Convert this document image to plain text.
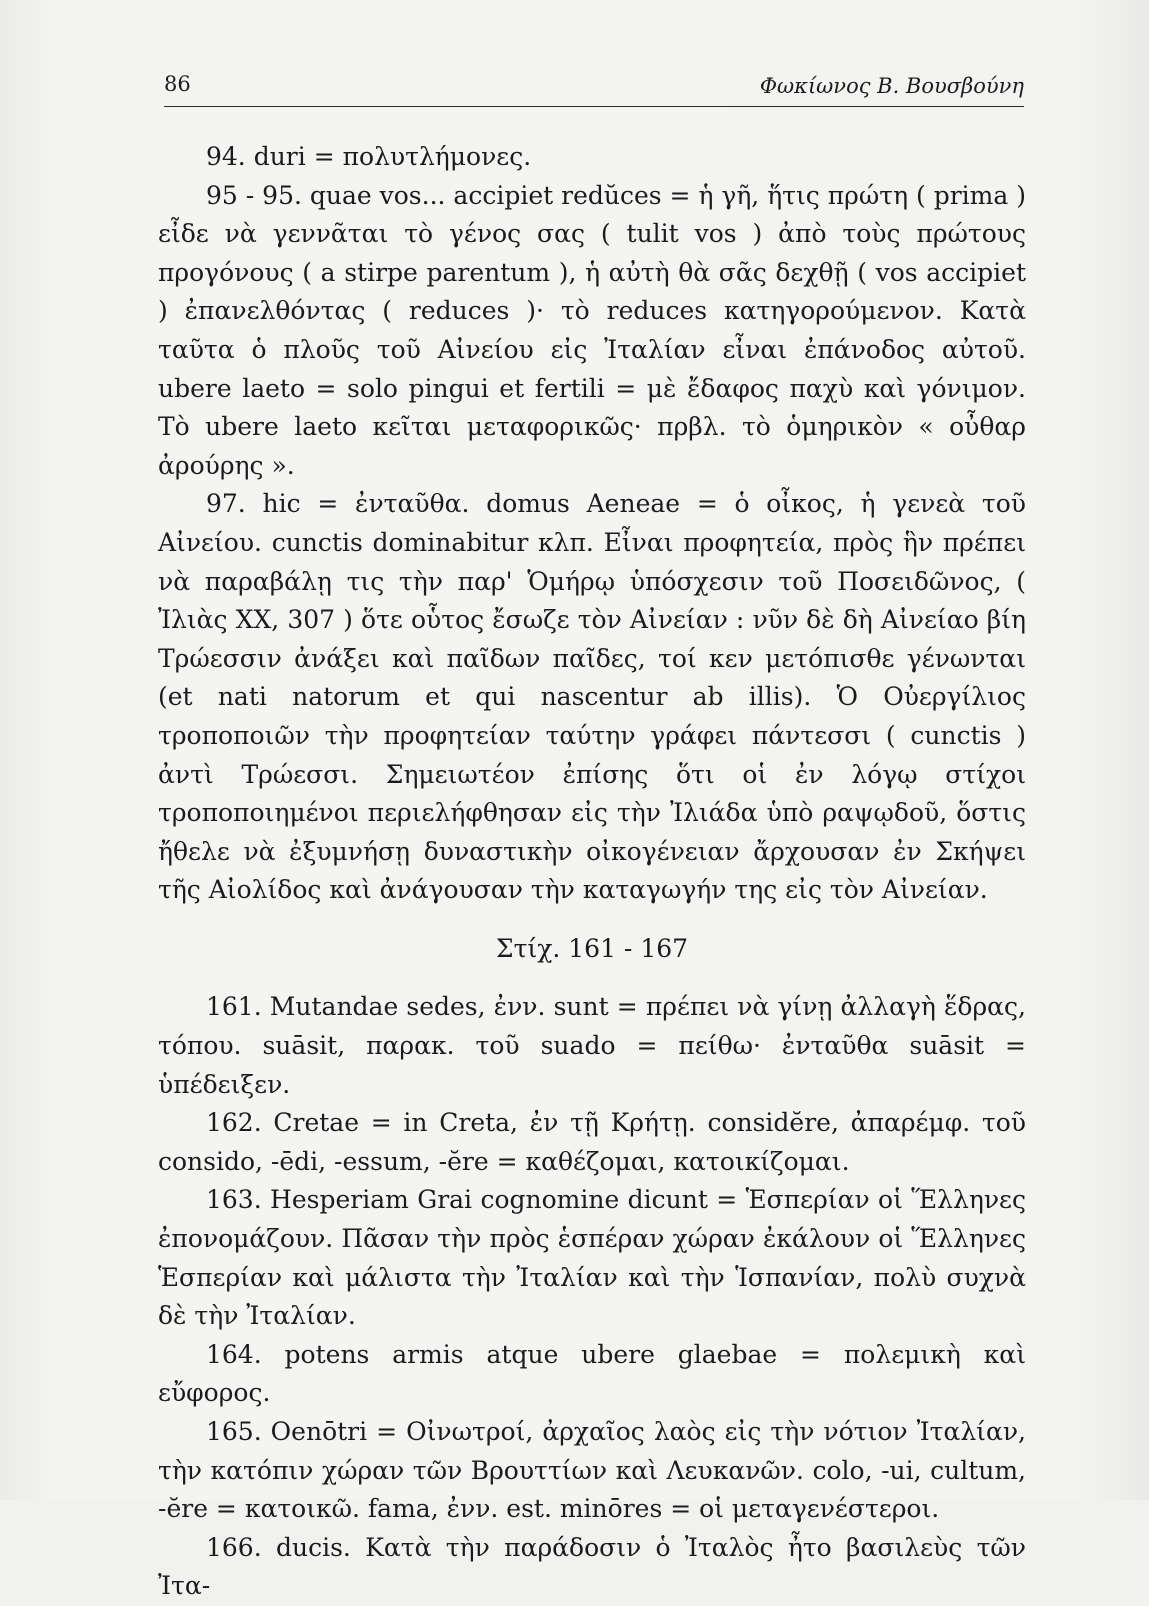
86	Φωκίωνος Β. Βουσβούνη

94. duri = πολυτλήμονες.

95 - 95. quae vos... accipiet redŭces = ἡ γῆ, ἥτις πρώτη ( prima ) εἶδε νὰ γεννᾶται τὸ γένος σας ( tulit vos ) ἀπὸ τοὺς πρώτους προγόνους ( a stirpe parentum ), ἡ αὐτὴ θὰ σᾶς δεχθῇ ( vos accipiet ) ἐπανελθόντας ( reduces )· τὸ reduces κατηγορούμενον. Κατὰ ταῦτα ὁ πλοῦς τοῦ Αἰνείου εἰς Ἰταλίαν εἶναι ἐπάνοδος αὐτοῦ. ubere laeto = solo pingui et fertili = μὲ ἔδαφος παχὺ καὶ γόνιμον. Τὸ ubere laeto κεῖται μεταφορικῶς· πρβλ. τὸ ὁμηρικὸν « οὖθαρ ἀρούρης ».

97. hic = ἐνταῦθα. domus Aeneae = ὁ οἶκος, ἡ γενεὰ τοῦ Αἰνείου. cunctis dominabitur κλπ. Εἶναι προφητεία, πρὸς ἣν πρέπει νὰ παραβάλῃ τις τὴν παρ' Ὁμήρῳ ὑπόσχεσιν τοῦ Ποσειδῶνος, ( Ἰλιὰς ΧΧ, 307 ) ὅτε οὗτος ἔσωζε τὸν Αἰνείαν : νῦν δὲ δὴ Αἰνείαο βίη Τρώεσσιν ἀνάξει καὶ παῖδων παῖδες, τοί κεν μετόπισθε γένωνται (et nati natorum et qui nascentur ab illis). Ὁ Οὐεργίλιος τροποποιῶν τὴν προφητείαν ταύτην γράφει πάντεσσι ( cunctis ) ἀντὶ Τρώεσσι. Σημειωτέον ἐπίσης ὅτι οἱ ἐν λόγῳ στίχοι τροποποιημένοι περιελήφθησαν εἰς τὴν Ἰλιάδα ὑπὸ ραψῳδοῦ, ὅστις ἤθελε νὰ ἐξυμνήσῃ δυναστικὴν οἰκογένειαν ἄρχουσαν ἐν Σκήψει τῆς Αἰολίδος καὶ ἀνάγουσαν τὴν καταγωγήν της εἰς τὸν Αἰνείαν.

Στίχ. 161 - 167

161. Mutandae sedes, ἐνν. sunt = πρέπει νὰ γίνῃ ἀλλαγὴ ἕδρας, τόπου. suāsit, παρακ. τοῦ suado = πείθω· ἐνταῦθα suāsit = ὑπέδειξεν.

162. Cretae = in Creta, ἐν τῇ Κρήτῃ. considĕre, ἀπαρέμφ. τοῦ consido, -ēdi, -essum, -ĕre = καθέζομαι, κατοικίζομαι.

163. Hesperiam Grai cognomine dicunt = Ἑσπερίαν οἱ Ἕλληνες ἐπονομάζουν. Πᾶσαν τὴν πρὸς ἑσπέραν χώραν ἐκάλουν οἱ Ἕλληνες Ἑσπερίαν καὶ μάλιστα τὴν Ἰταλίαν καὶ τὴν Ἱσπανίαν, πολὺ συχνὰ δὲ τὴν Ἰταλίαν.

164. potens armis atque ubere glaebae = πολεμικὴ καὶ εὔφορος.

165. Oenōtri = Οἰνωτροί, ἀρχαῖος λαὸς εἰς τὴν νότιον Ἰταλίαν, τὴν κατόπιν χώραν τῶν Βρουττίων καὶ Λευκανῶν. colo, -ui, cultum, -ĕre = κατοικῶ. fama, ἐνν. est. minōres = οἱ μεταγενέστεροι.

166. ducis. Κατὰ τὴν παράδοσιν ὁ Ἰταλὸς ἦτο βασιλεὺς τῶν Ἰτα-
